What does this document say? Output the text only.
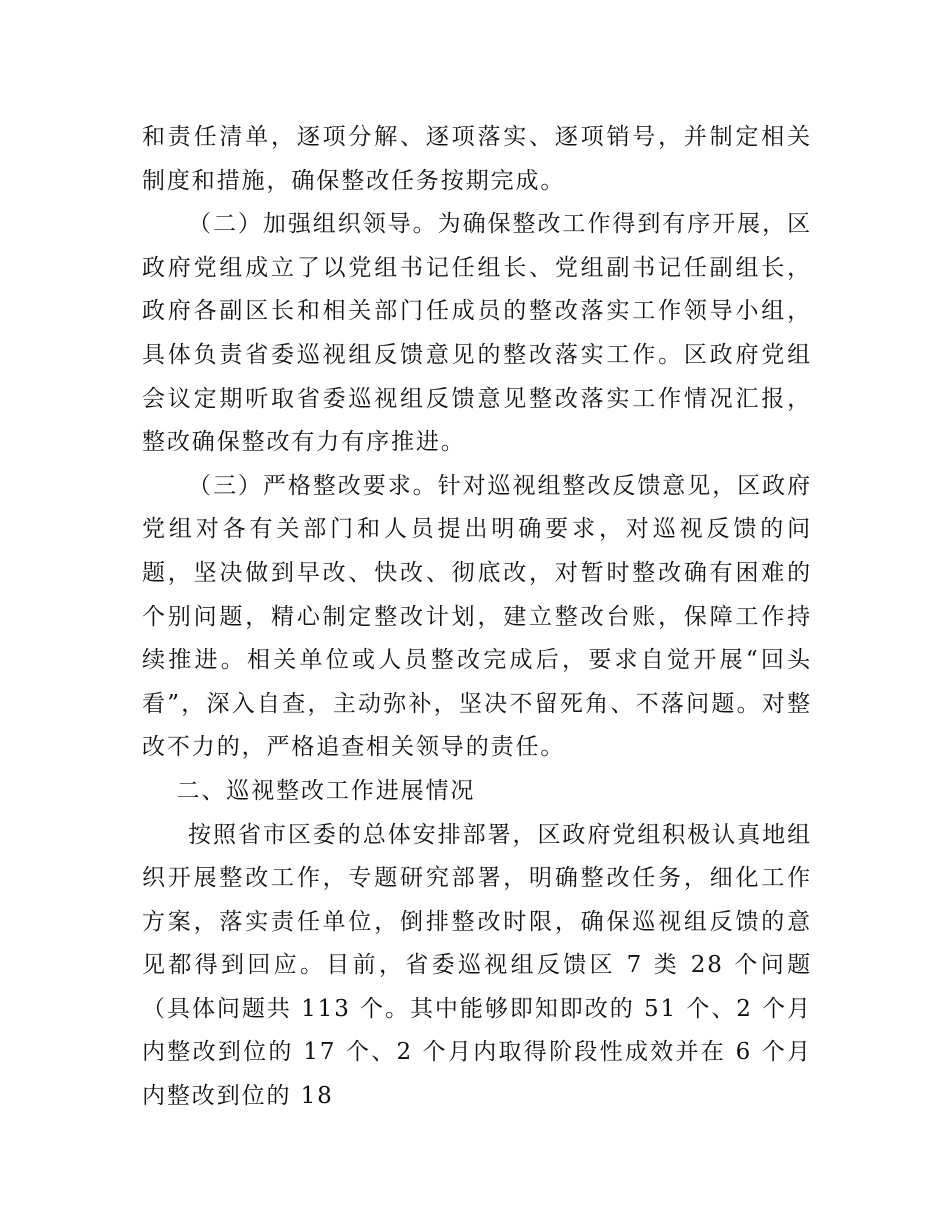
和责任清单，逐项分解、逐项落实、逐项销号，并制定相关制度和措施，确保整改任务按期完成。

（二）加强组织领导。为确保整改工作得到有序开展，区政府党组成立了以党组书记任组长、党组副书记任副组长，政府各副区长和相关部门任成员的整改落实工作领导小组，具体负责省委巡视组反馈意见的整改落实工作。区政府党组会议定期听取省委巡视组反馈意见整改落实工作情况汇报，整改确保整改有力有序推进。

（三）严格整改要求。针对巡视组整改反馈意见，区政府党组对各有关部门和人员提出明确要求，对巡视反馈的问题，坚决做到早改、快改、彻底改，对暂时整改确有困难的个别问题，精心制定整改计划，建立整改台账，保障工作持续推进。相关单位或人员整改完成后，要求自觉开展“回头看”，深入自查，主动弥补，坚决不留死角、不落问题。对整改不力的，严格追查相关领导的责任。

二、巡视整改工作进展情况

按照省市区委的总体安排部署，区政府党组积极认真地组织开展整改工作，专题研究部署，明确整改任务，细化工作方案，落实责任单位，倒排整改时限，确保巡视组反馈的意见都得到回应。目前，省委巡视组反馈区 7 类 28 个问题（具体问题共 113 个。其中能够即知即改的 51 个、2 个月内整改到位的 17 个、2 个月内取得阶段性成效并在 6 个月内整改到位的 18
